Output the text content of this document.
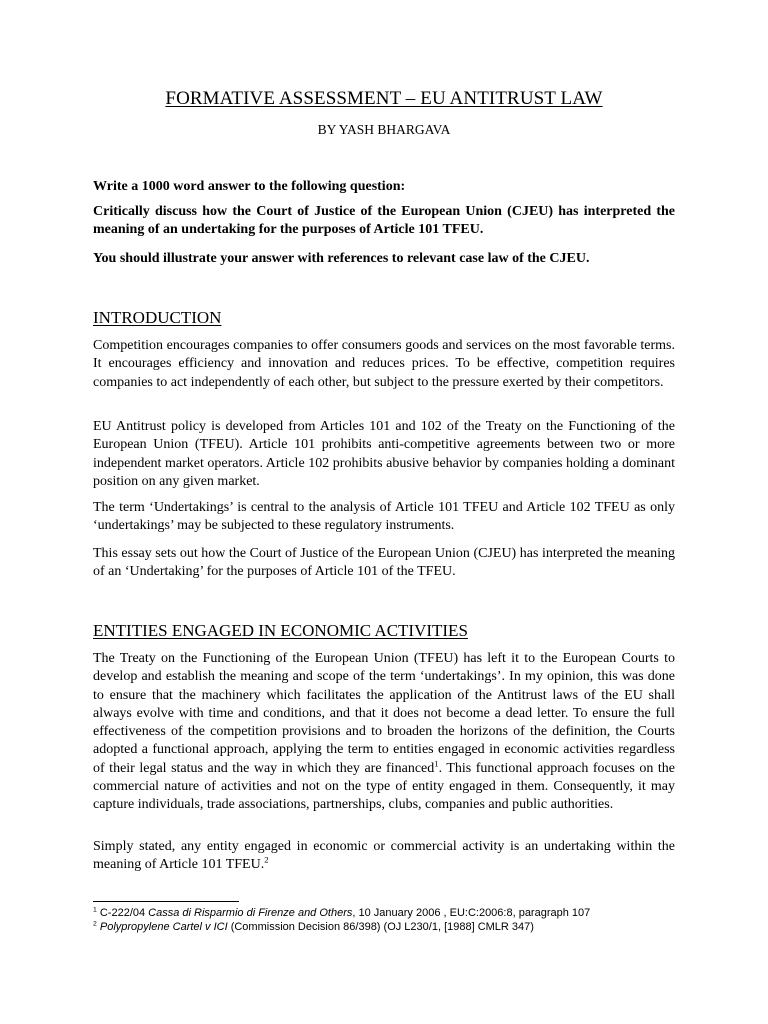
FORMATIVE ASSESSMENT – EU ANTITRUST LAW
BY YASH BHARGAVA
Write a 1000 word answer to the following question:
Critically discuss how the Court of Justice of the European Union (CJEU) has interpreted the meaning of an undertaking for the purposes of Article 101 TFEU.
You should illustrate your answer with references to relevant case law of the CJEU.
INTRODUCTION
Competition encourages companies to offer consumers goods and services on the most favorable terms. It encourages efficiency and innovation and reduces prices. To be effective, competition requires companies to act independently of each other, but subject to the pressure exerted by their competitors.
EU Antitrust policy is developed from Articles 101 and 102 of the Treaty on the Functioning of the European Union (TFEU). Article 101 prohibits anti-competitive agreements between two or more independent market operators. Article 102 prohibits abusive behavior by companies holding a dominant position on any given market.
The term ‘Undertakings’ is central to the analysis of Article 101 TFEU and Article 102 TFEU as only ‘undertakings’ may be subjected to these regulatory instruments.
This essay sets out how the Court of Justice of the European Union (CJEU) has interpreted the meaning of an ‘Undertaking’ for the purposes of Article 101 of the TFEU.
ENTITIES ENGAGED IN ECONOMIC ACTIVITIES
The Treaty on the Functioning of the European Union (TFEU) has left it to the European Courts to develop and establish the meaning and scope of the term ‘undertakings’. In my opinion, this was done to ensure that the machinery which facilitates the application of the Antitrust laws of the EU shall always evolve with time and conditions, and that it does not become a dead letter. To ensure the full effectiveness of the competition provisions and to broaden the horizons of the definition, the Courts adopted a functional approach, applying the term to entities engaged in economic activities regardless of their legal status and the way in which they are financed$^1$. This functional approach focuses on the commercial nature of activities and not on the type of entity engaged in them. Consequently, it may capture individuals, trade associations, partnerships, clubs, companies and public authorities.
Simply stated, any entity engaged in economic or commercial activity is an undertaking within the meaning of Article 101 TFEU.$^2$
$^1$ C-222/04 Cassa di Risparmio di Firenze and Others, 10 January 2006 , EU:C:2006:8, paragraph 107
$^2$ Polypropylene Cartel v ICI (Commission Decision 86/398) (OJ L230/1, [1988] CMLR 347)
